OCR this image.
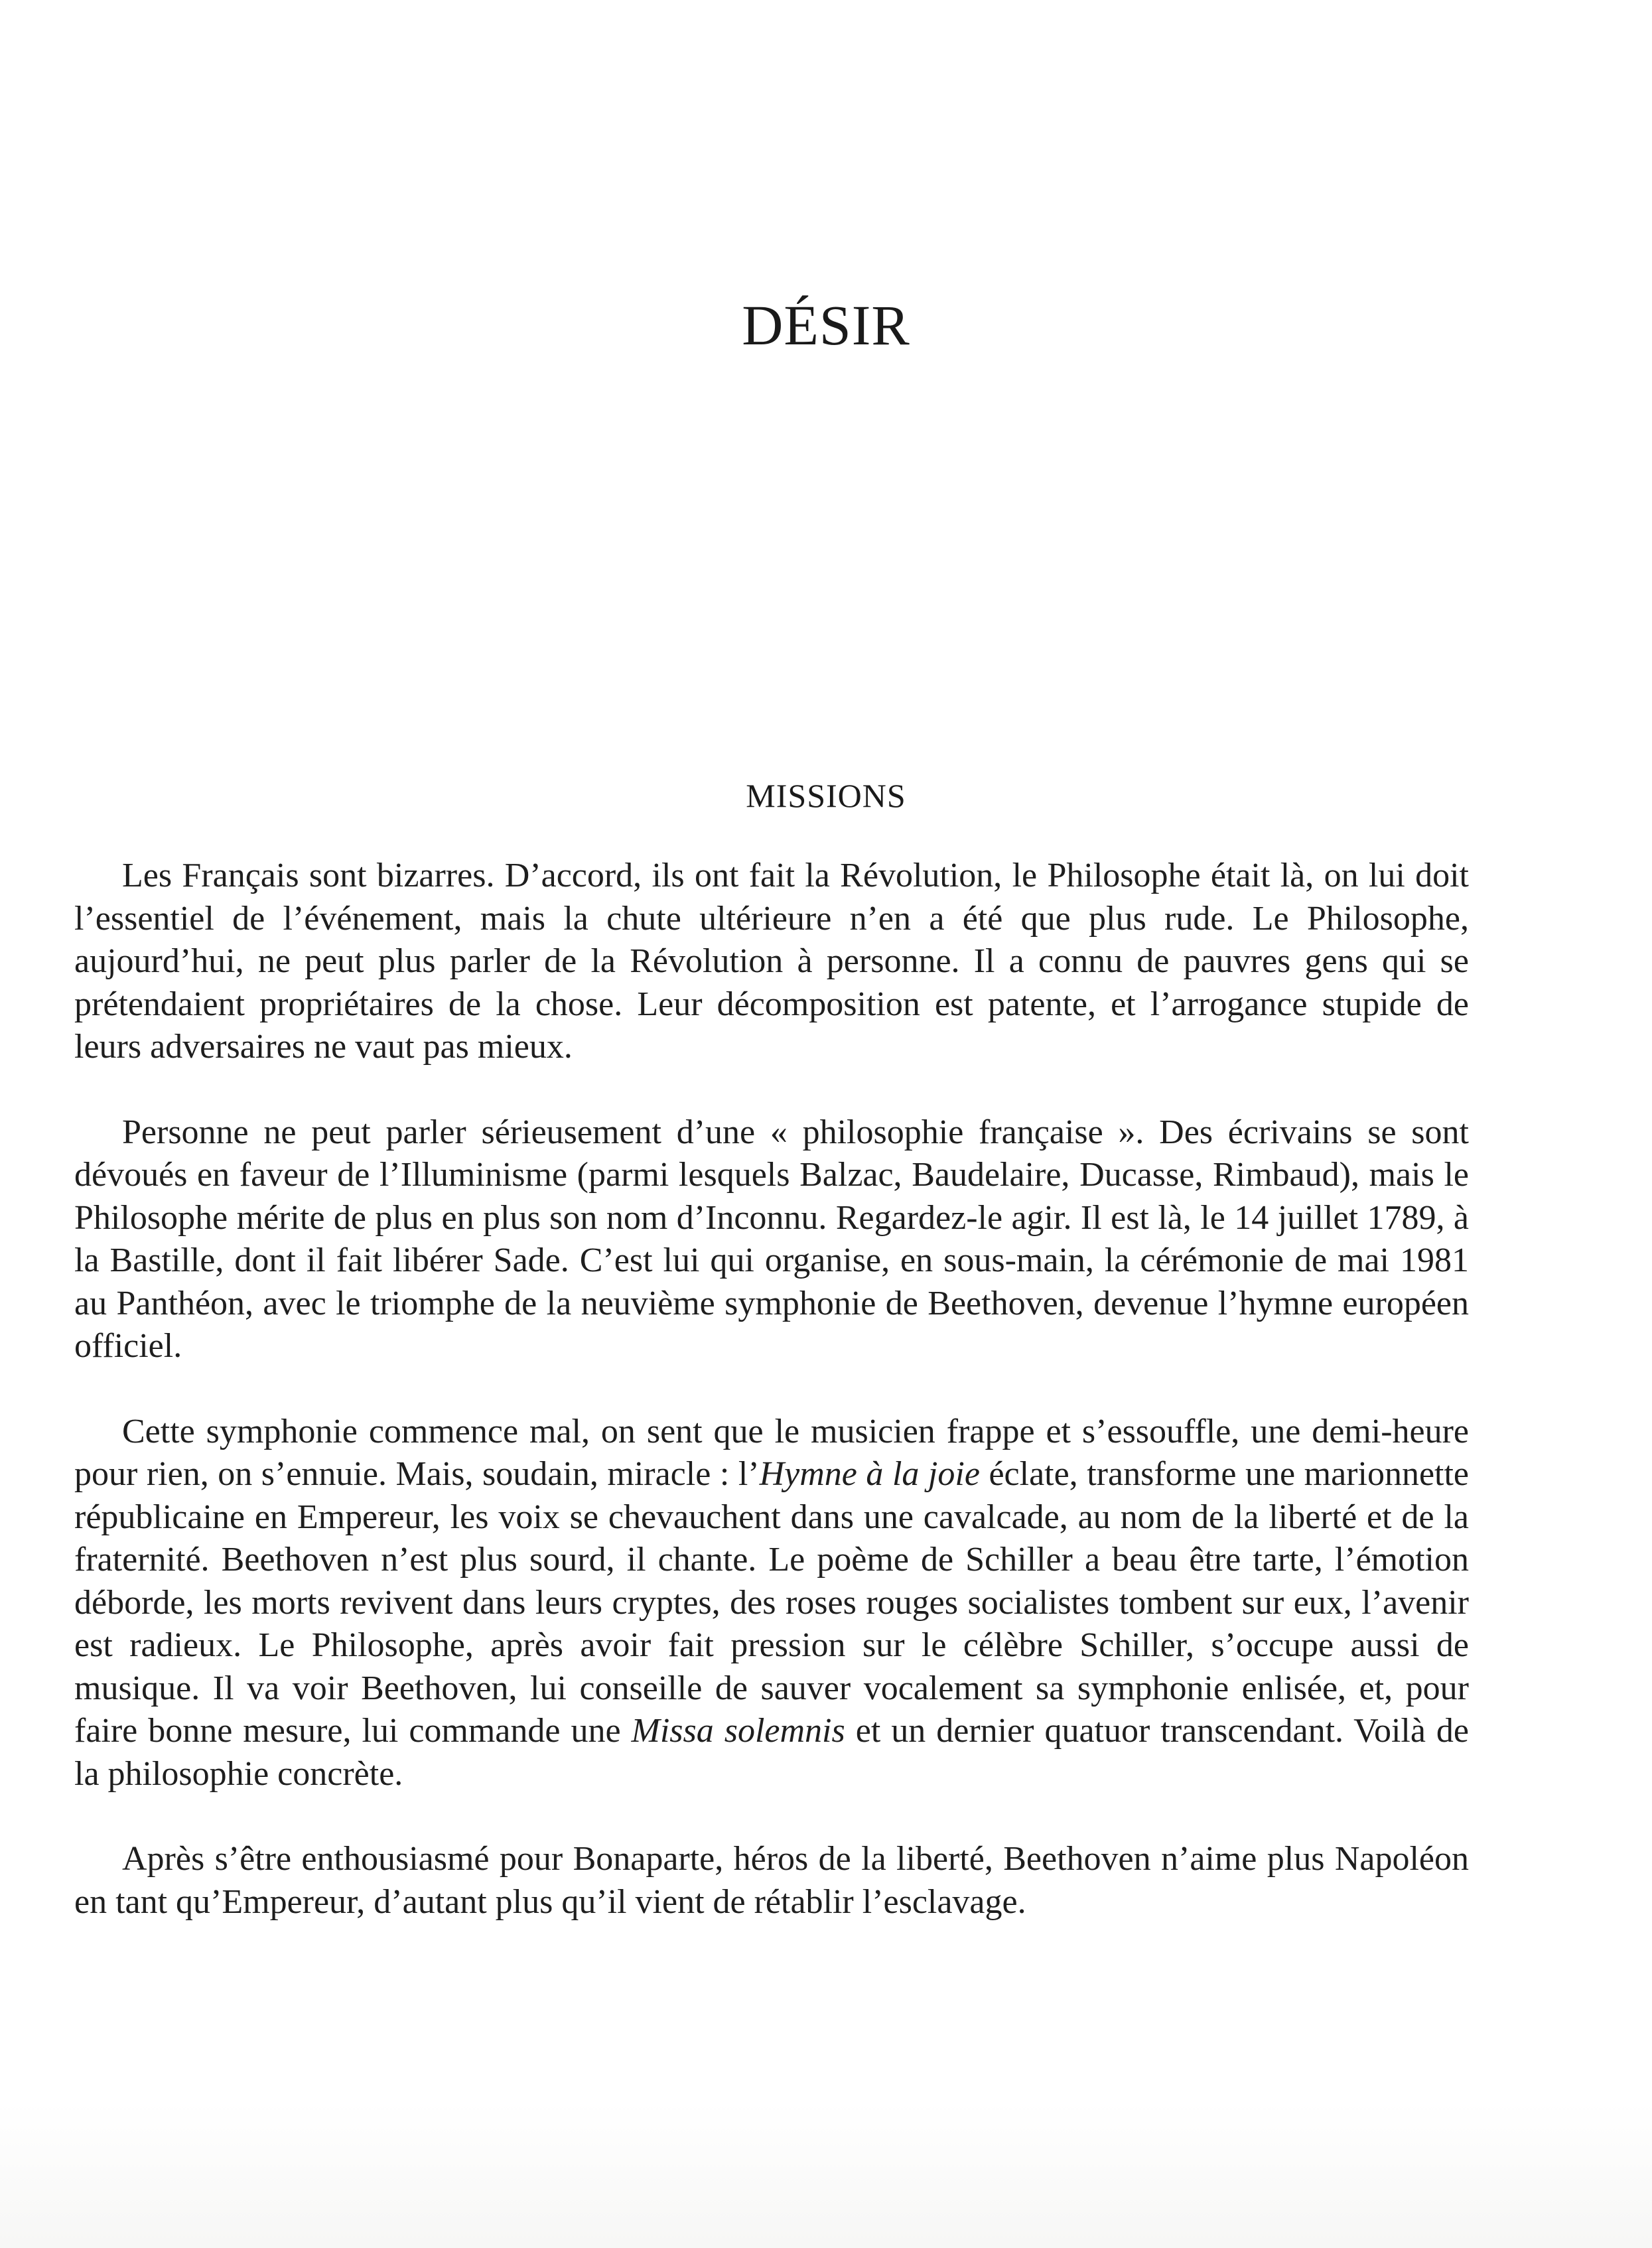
DÉSIR
MISSIONS

Les Français sont bizarres. D’accord, ils ont fait la Révolution, le Philosophe était là, on lui doit l’essentiel de l’événement, mais la chute ultérieure n’en a été que plus rude. Le Philosophe, aujourd’hui, ne peut plus parler de la Révolution à personne. Il a connu de pauvres gens qui se prétendaient propriétaires de la chose. Leur décomposition est patente, et l’arrogance stupide de leurs adversaires ne vaut pas mieux.

Personne ne peut parler sérieusement d’une « philosophie française ». Des écrivains se sont dévoués en faveur de l’Illuminisme (parmi lesquels Balzac, Baudelaire, Ducasse, Rimbaud), mais le Philosophe mérite de plus en plus son nom d’Inconnu. Regardez-le agir. Il est là, le 14 juillet 1789, à la Bastille, dont il fait libérer Sade. C’est lui qui organise, en sous-main, la cérémonie de mai 1981 au Panthéon, avec le triomphe de la neuvième symphonie de Beethoven, devenue l’hymne européen officiel.

Cette symphonie commence mal, on sent que le musicien frappe et s’essouffle, une demi-heure pour rien, on s’ennuie. Mais, soudain, miracle : l’Hymne à la joie éclate, transforme une marionnette républicaine en Empereur, les voix se chevauchent dans une cavalcade, au nom de la liberté et de la fraternité. Beethoven n’est plus sourd, il chante. Le poème de Schiller a beau être tarte, l’émotion déborde, les morts revivent dans leurs cryptes, des roses rouges socialistes tombent sur eux, l’avenir est radieux. Le Philosophe, après avoir fait pression sur le célèbre Schiller, s’occupe aussi de musique. Il va voir Beethoven, lui conseille de sauver vocalement sa symphonie enlisée, et, pour faire bonne mesure, lui commande une Missa solemnis et un dernier quatuor transcendant. Voilà de la philosophie concrète.

Après s’être enthousiasmé pour Bonaparte, héros de la liberté, Beethoven n’aime plus Napoléon en tant qu’Empereur, d’autant plus qu’il vient de rétablir l’esclavage.
